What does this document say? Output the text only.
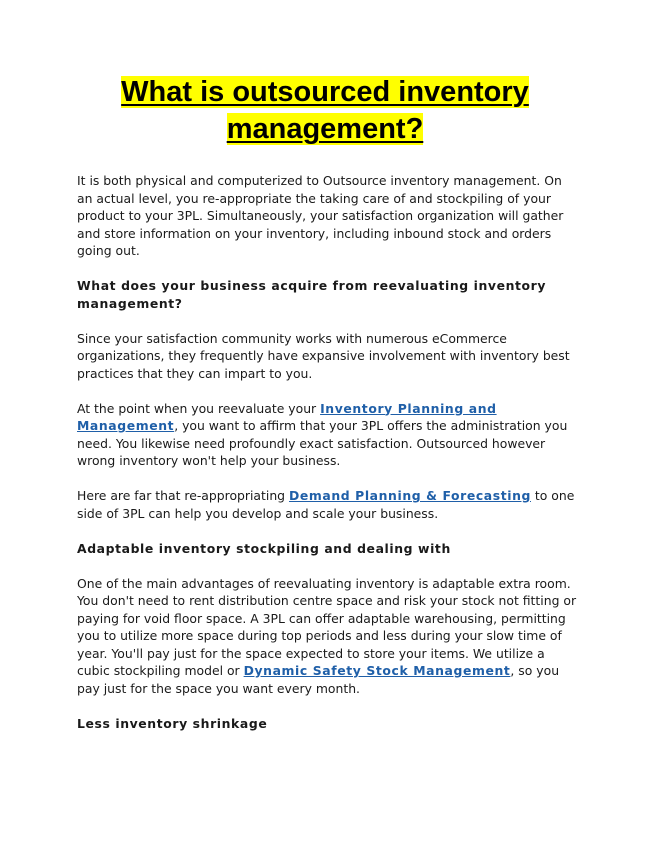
What is outsourced inventory
management?

It is both physical and computerized to Outsource inventory management. On an actual level, you re-appropriate the taking care of and stockpiling of your product to your 3PL. Simultaneously, your satisfaction organization will gather and store information on your inventory, including inbound stock and orders going out.

What does your business acquire from reevaluating inventory management?

Since your satisfaction community works with numerous eCommerce organizations, they frequently have expansive involvement with inventory best practices that they can impart to you.

At the point when you reevaluate your Inventory Planning and Management, you want to affirm that your 3PL offers the administration you need. You likewise need profoundly exact satisfaction. Outsourced however wrong inventory won't help your business.

Here are far that re-appropriating Demand Planning & Forecasting to one side of 3PL can help you develop and scale your business.

Adaptable inventory stockpiling and dealing with

One of the main advantages of reevaluating inventory is adaptable extra room. You don't need to rent distribution centre space and risk your stock not fitting or paying for void floor space. A 3PL can offer adaptable warehousing, permitting you to utilize more space during top periods and less during your slow time of year. You'll pay just for the space expected to store your items. We utilize a cubic stockpiling model or Dynamic Safety Stock Management, so you pay just for the space you want every month.

Less inventory shrinkage
